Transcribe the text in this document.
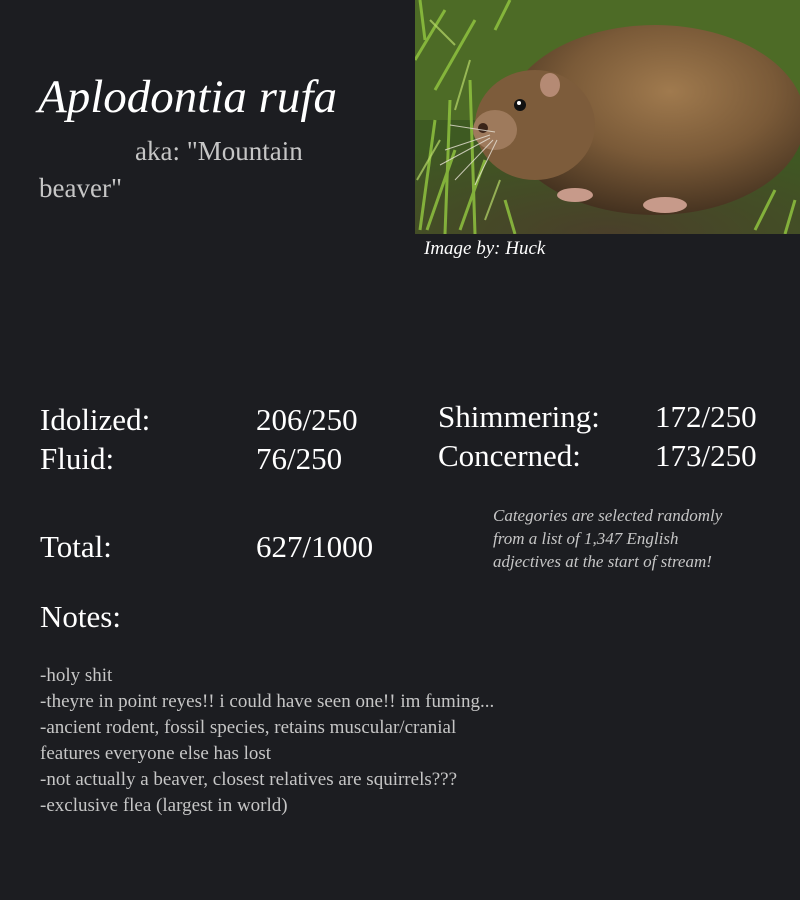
Aplodontia rufa
aka: "Mountain beaver"
Image by: Huck
Idolized:	206/250
Fluid:	76/250
Shimmering: 172/250
Concerned: 173/250
Total:	627/1000
Categories are selected randomly from a list of 1,347 English adjectives at the start of stream!
Notes:
-holy shit
-theyre in point reyes!! i could have seen one!! im fuming...
-ancient rodent, fossil species, retains muscular/cranial features everyone else has lost
-not actually a beaver, closest relatives are squirrels???
-exclusive flea (largest in world)
